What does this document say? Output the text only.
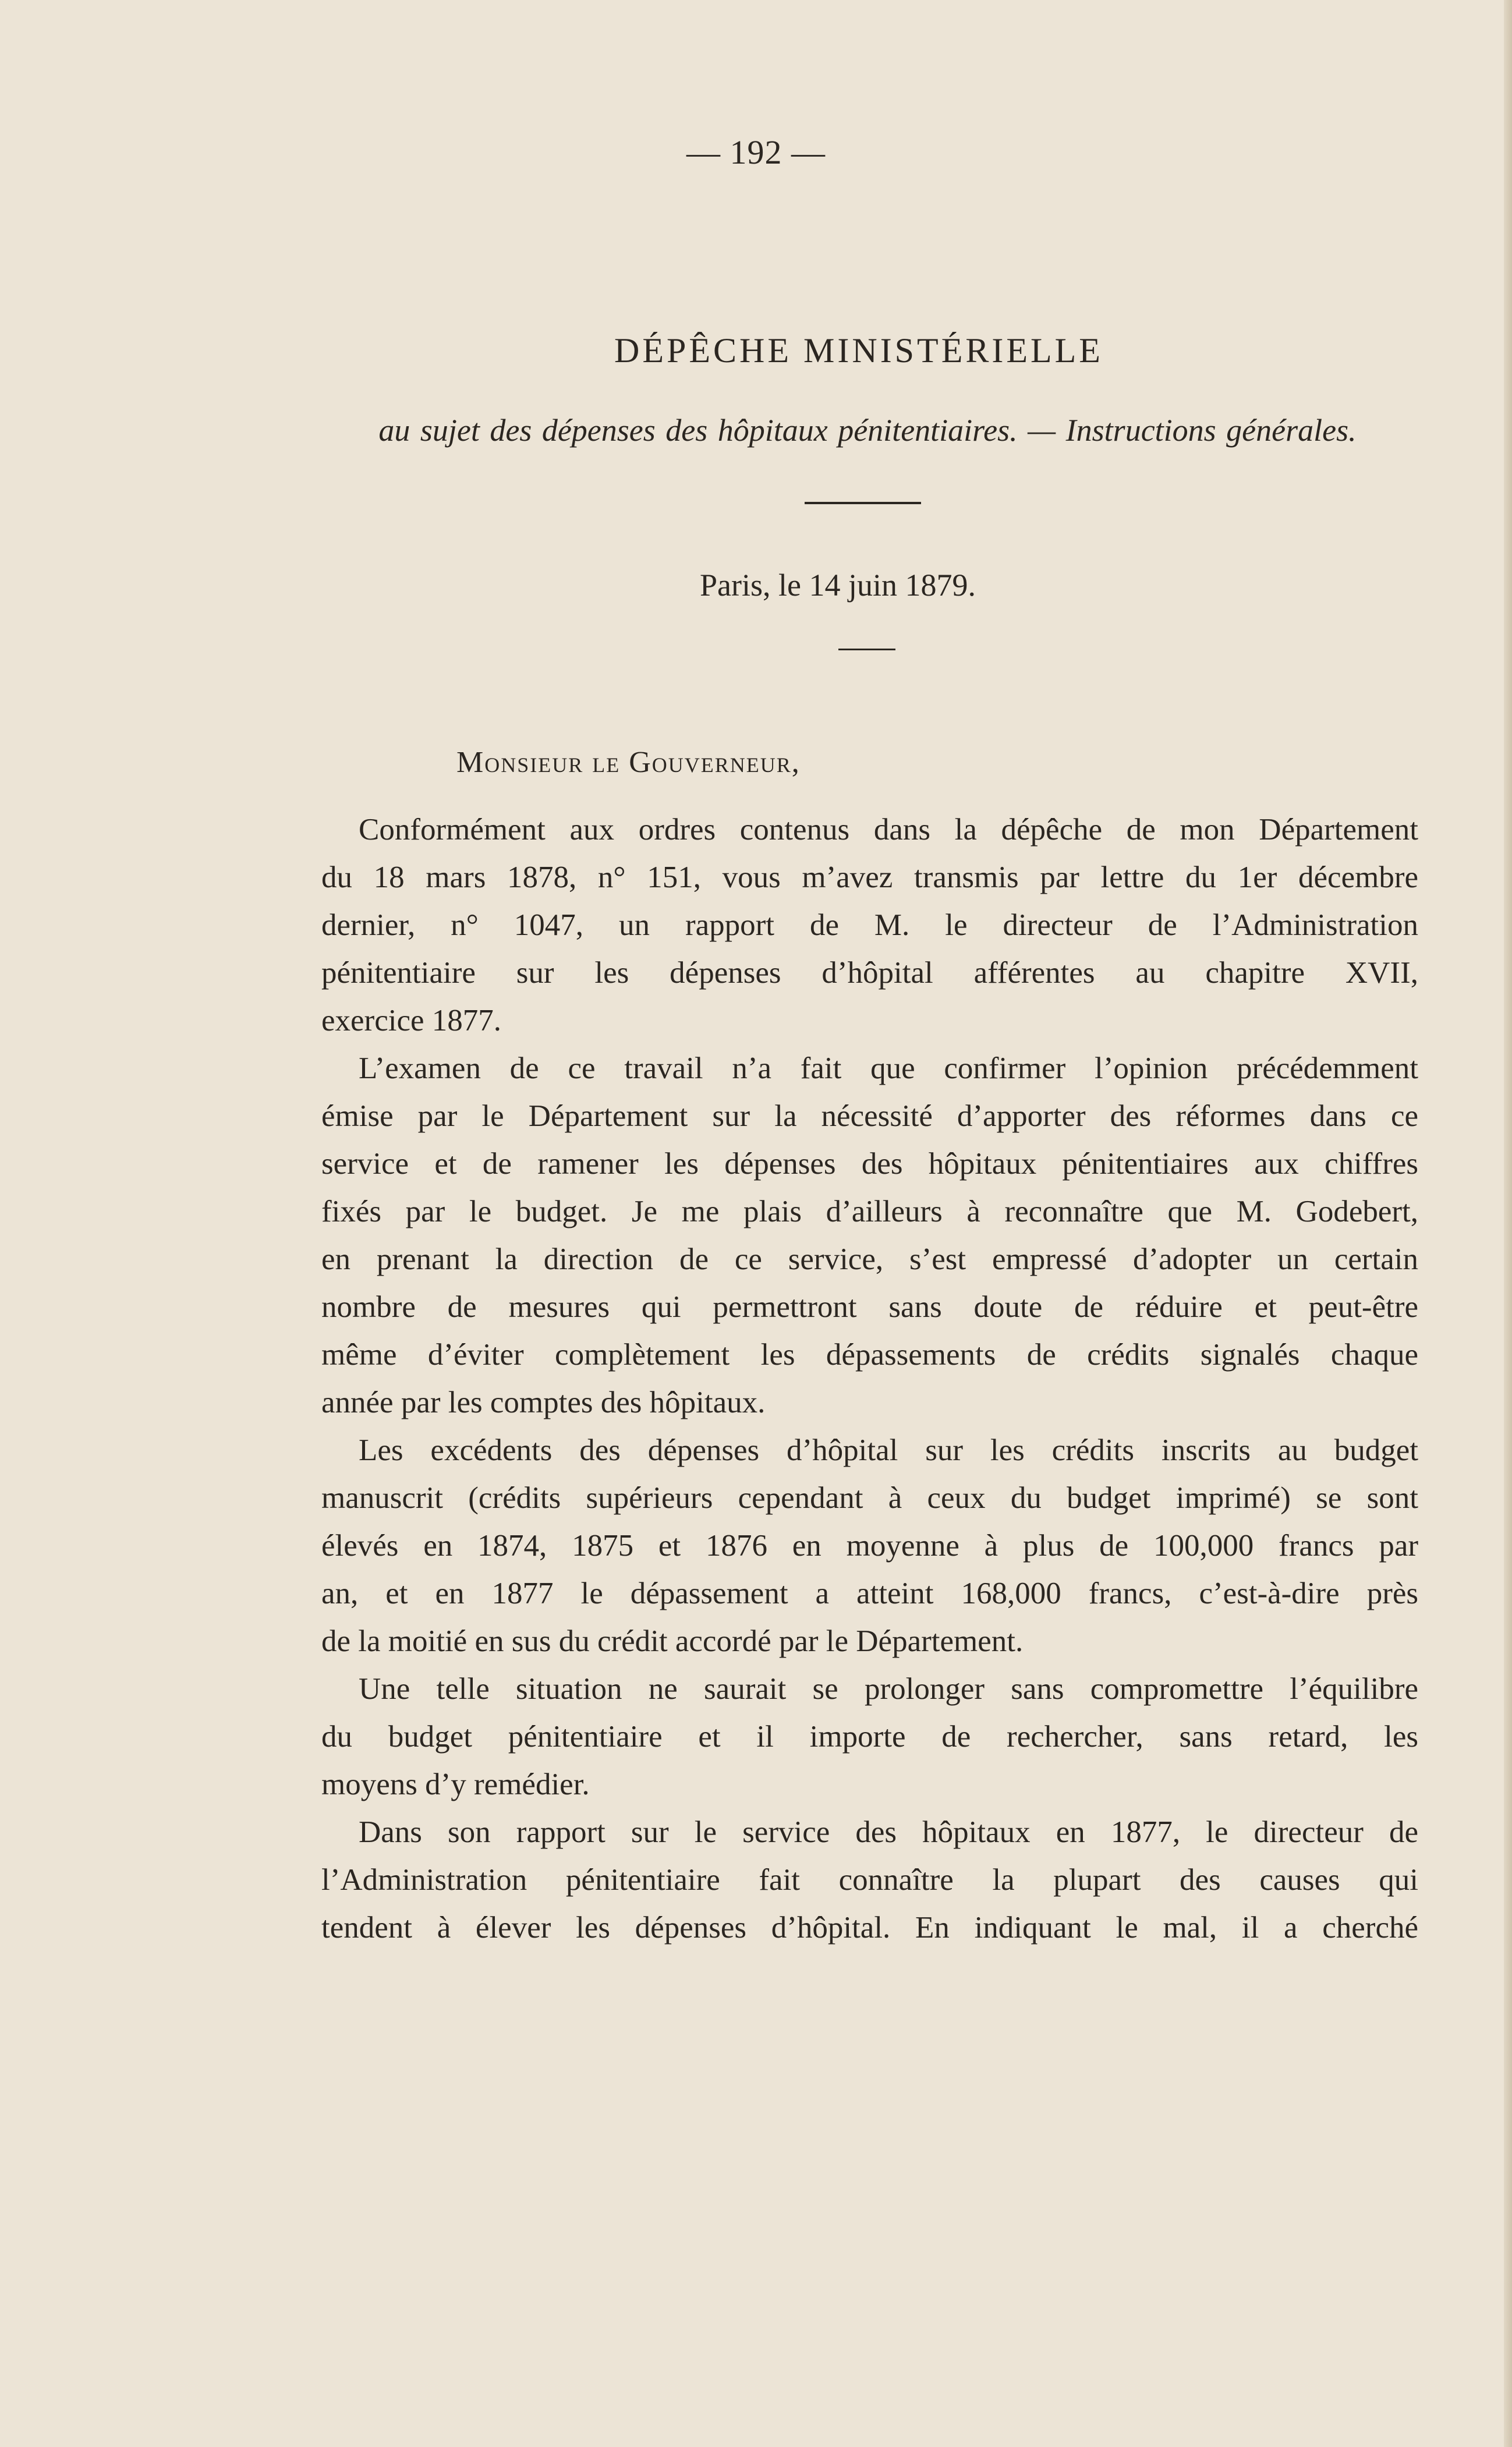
— 192 —
DÉPÊCHE MINISTÉRIELLE
au sujet des dépenses des hôpitaux pénitentiaires. — Instructions générales.
Paris, le 14 juin 1879.
Monsieur le Gouverneur,
Conformément aux ordres contenus dans la dépêche de mon Département
du 18 mars 1878, n° 151, vous m’avez transmis par lettre du 1er décembre
dernier, n° 1047, un rapport de M. le directeur de l’Administration
pénitentiaire sur les dépenses d’hôpital afférentes au chapitre XVII,
exercice 1877.
L’examen de ce travail n’a fait que confirmer l’opinion précédemment
émise par le Département sur la nécessité d’apporter des réformes dans ce
service et de ramener les dépenses des hôpitaux pénitentiaires aux chiffres
fixés par le budget. Je me plais d’ailleurs à reconnaître que M. Godebert,
en prenant la direction de ce service, s’est empressé d’adopter un certain
nombre de mesures qui permettront sans doute de réduire et peut-être
même d’éviter complètement les dépassements de crédits signalés chaque
année par les comptes des hôpitaux.
Les excédents des dépenses d’hôpital sur les crédits inscrits au budget
manuscrit (crédits supérieurs cependant à ceux du budget imprimé) se sont
élevés en 1874, 1875 et 1876 en moyenne à plus de 100,000 francs par
an, et en 1877 le dépassement a atteint 168,000 francs, c’est-à-dire près
de la moitié en sus du crédit accordé par le Département.
Une telle situation ne saurait se prolonger sans compromettre l’équilibre
du budget pénitentiaire et il importe de rechercher, sans retard, les
moyens d’y remédier.
Dans son rapport sur le service des hôpitaux en 1877, le directeur de
l’Administration pénitentiaire fait connaître la plupart des causes qui
tendent à élever les dépenses d’hôpital. En indiquant le mal, il a cherché
